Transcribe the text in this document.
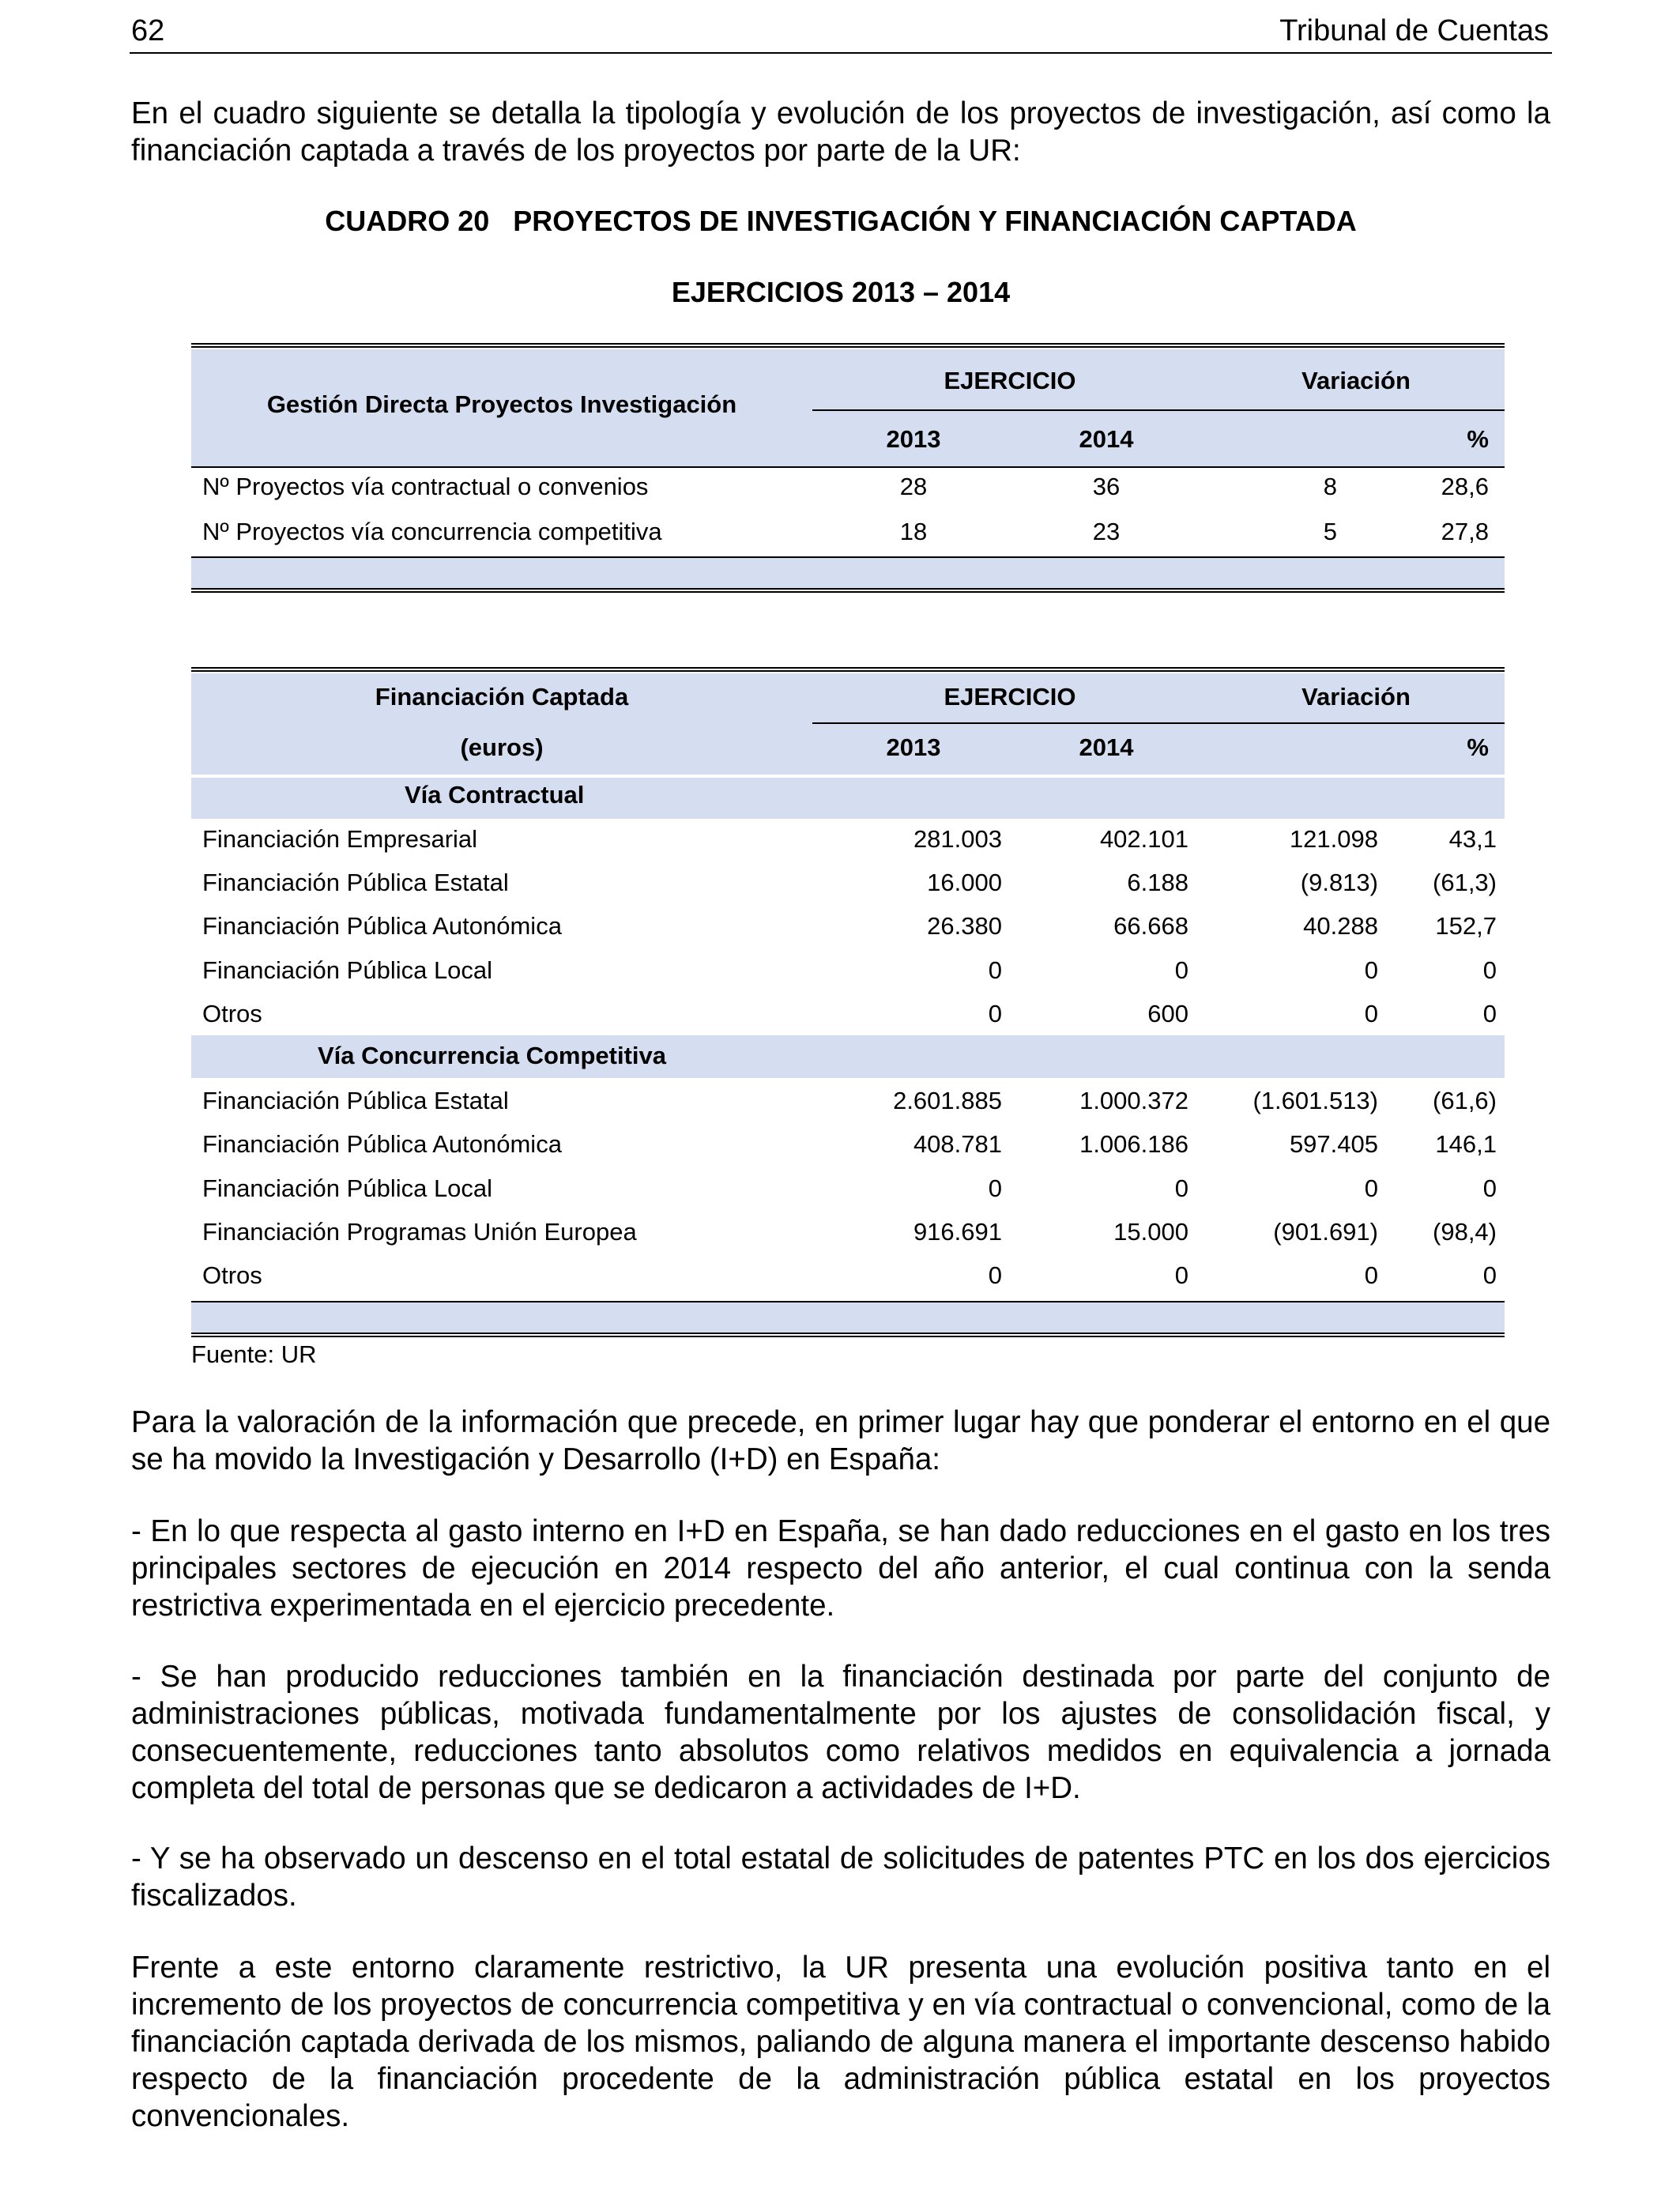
62	Tribunal de Cuentas
En el cuadro siguiente se detalla la tipología y evolución de los proyectos de investigación, así como la financiación captada a través de los proyectos por parte de la UR:
CUADRO 20   PROYECTOS DE INVESTIGACIÓN Y FINANCIACIÓN CAPTADA
EJERCICIOS 2013 – 2014
Gestión Directa Proyectos Investigación
EJERCICIO	Variación
2013	2014	%
Nº Proyectos vía contractual o convenios	28	36	8	28,6
Nº Proyectos vía concurrencia competitiva	18	23	5	27,8
Financiación Captada
(euros)
EJERCICIO	Variación
2013	2014	%
Vía Contractual
Financiación Empresarial	281.003	402.101	121.098	43,1
Financiación Pública Estatal	16.000	6.188	(9.813)	(61,3)
Financiación Pública Autonómica	26.380	66.668	40.288	152,7
Financiación Pública Local	0	0	0	0
Otros	0	600	0	0
Vía Concurrencia Competitiva
Financiación Pública Estatal	2.601.885	1.000.372	(1.601.513)	(61,6)
Financiación Pública Autonómica	408.781	1.006.186	597.405	146,1
Financiación Pública Local	0	0	0	0
Financiación Programas Unión Europea	916.691	15.000	(901.691)	(98,4)
Otros	0	0	0	0
Fuente: UR
Para la valoración de la información que precede, en primer lugar hay que ponderar el entorno en el que se ha movido la Investigación y Desarrollo (I+D) en España:
- En lo que respecta al gasto interno en I+D en España, se han dado reducciones en el gasto en los tres principales sectores de ejecución en 2014 respecto del año anterior, el cual continua con la senda restrictiva experimentada en el ejercicio precedente.
- Se han producido reducciones también en la financiación destinada por parte del conjunto de administraciones públicas, motivada fundamentalmente por los ajustes de consolidación fiscal, y consecuentemente, reducciones tanto absolutos como relativos medidos en equivalencia a jornada completa del total de personas que se dedicaron a actividades de I+D.
- Y se ha observado un descenso en el total estatal de solicitudes de patentes PTC en los dos ejercicios fiscalizados.
Frente a este entorno claramente restrictivo, la UR presenta una evolución positiva tanto en el incremento de los proyectos de concurrencia competitiva y en vía contractual o convencional, como de la financiación captada derivada de los mismos, paliando de alguna manera el importante descenso habido respecto de la financiación procedente de la administración pública estatal en los proyectos convencionales.
